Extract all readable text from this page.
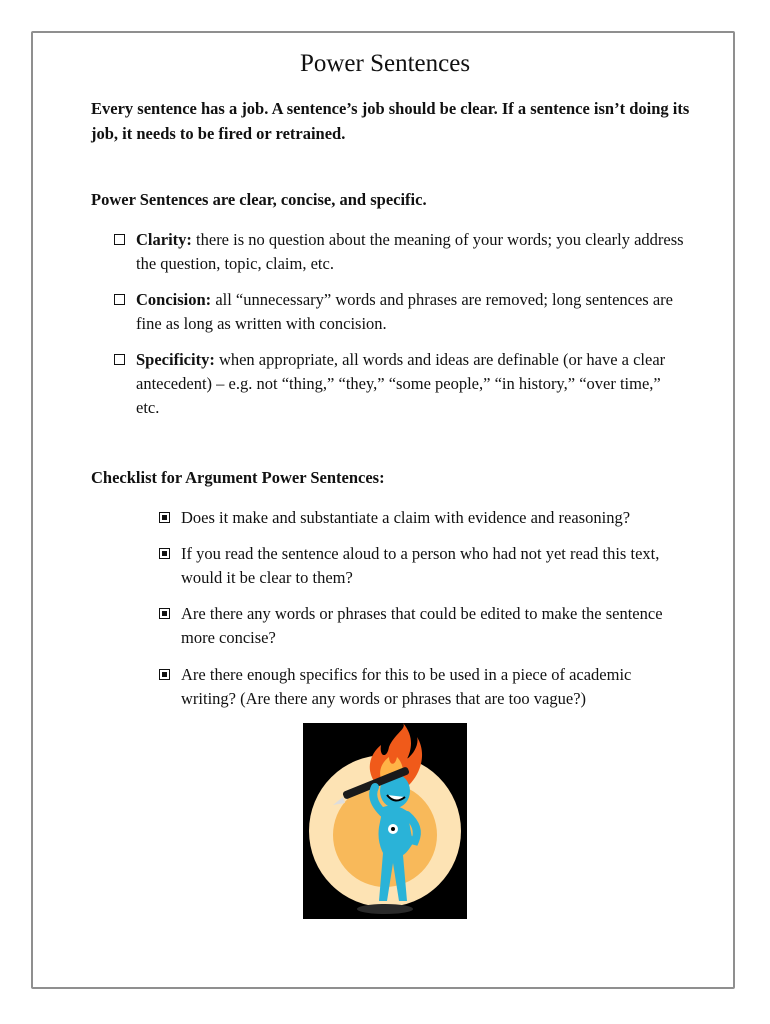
Power Sentences

Every sentence has a job. A sentence’s job should be clear. If a sentence isn’t doing its job, it needs to be fired or retrained.

Power Sentences are clear, concise, and specific.

Clarity: there is no question about the meaning of your words; you clearly address the question, topic, claim, etc.
Concision: all “unnecessary” words and phrases are removed; long sentences are fine as long as written with concision.
Specificity: when appropriate, all words and ideas are definable (or have a clear antecedent) – e.g. not “thing,” “they,” “some people,” “in history,” “over time,” etc.

Checklist for Argument Power Sentences:

Does it make and substantiate a claim with evidence and reasoning?
If you read the sentence aloud to a person who had not yet read this text, would it be clear to them?
Are there any words or phrases that could be edited to make the sentence more concise?
Are there enough specifics for this to be used in a piece of academic writing? (Are there any words or phrases that are too vague?)
